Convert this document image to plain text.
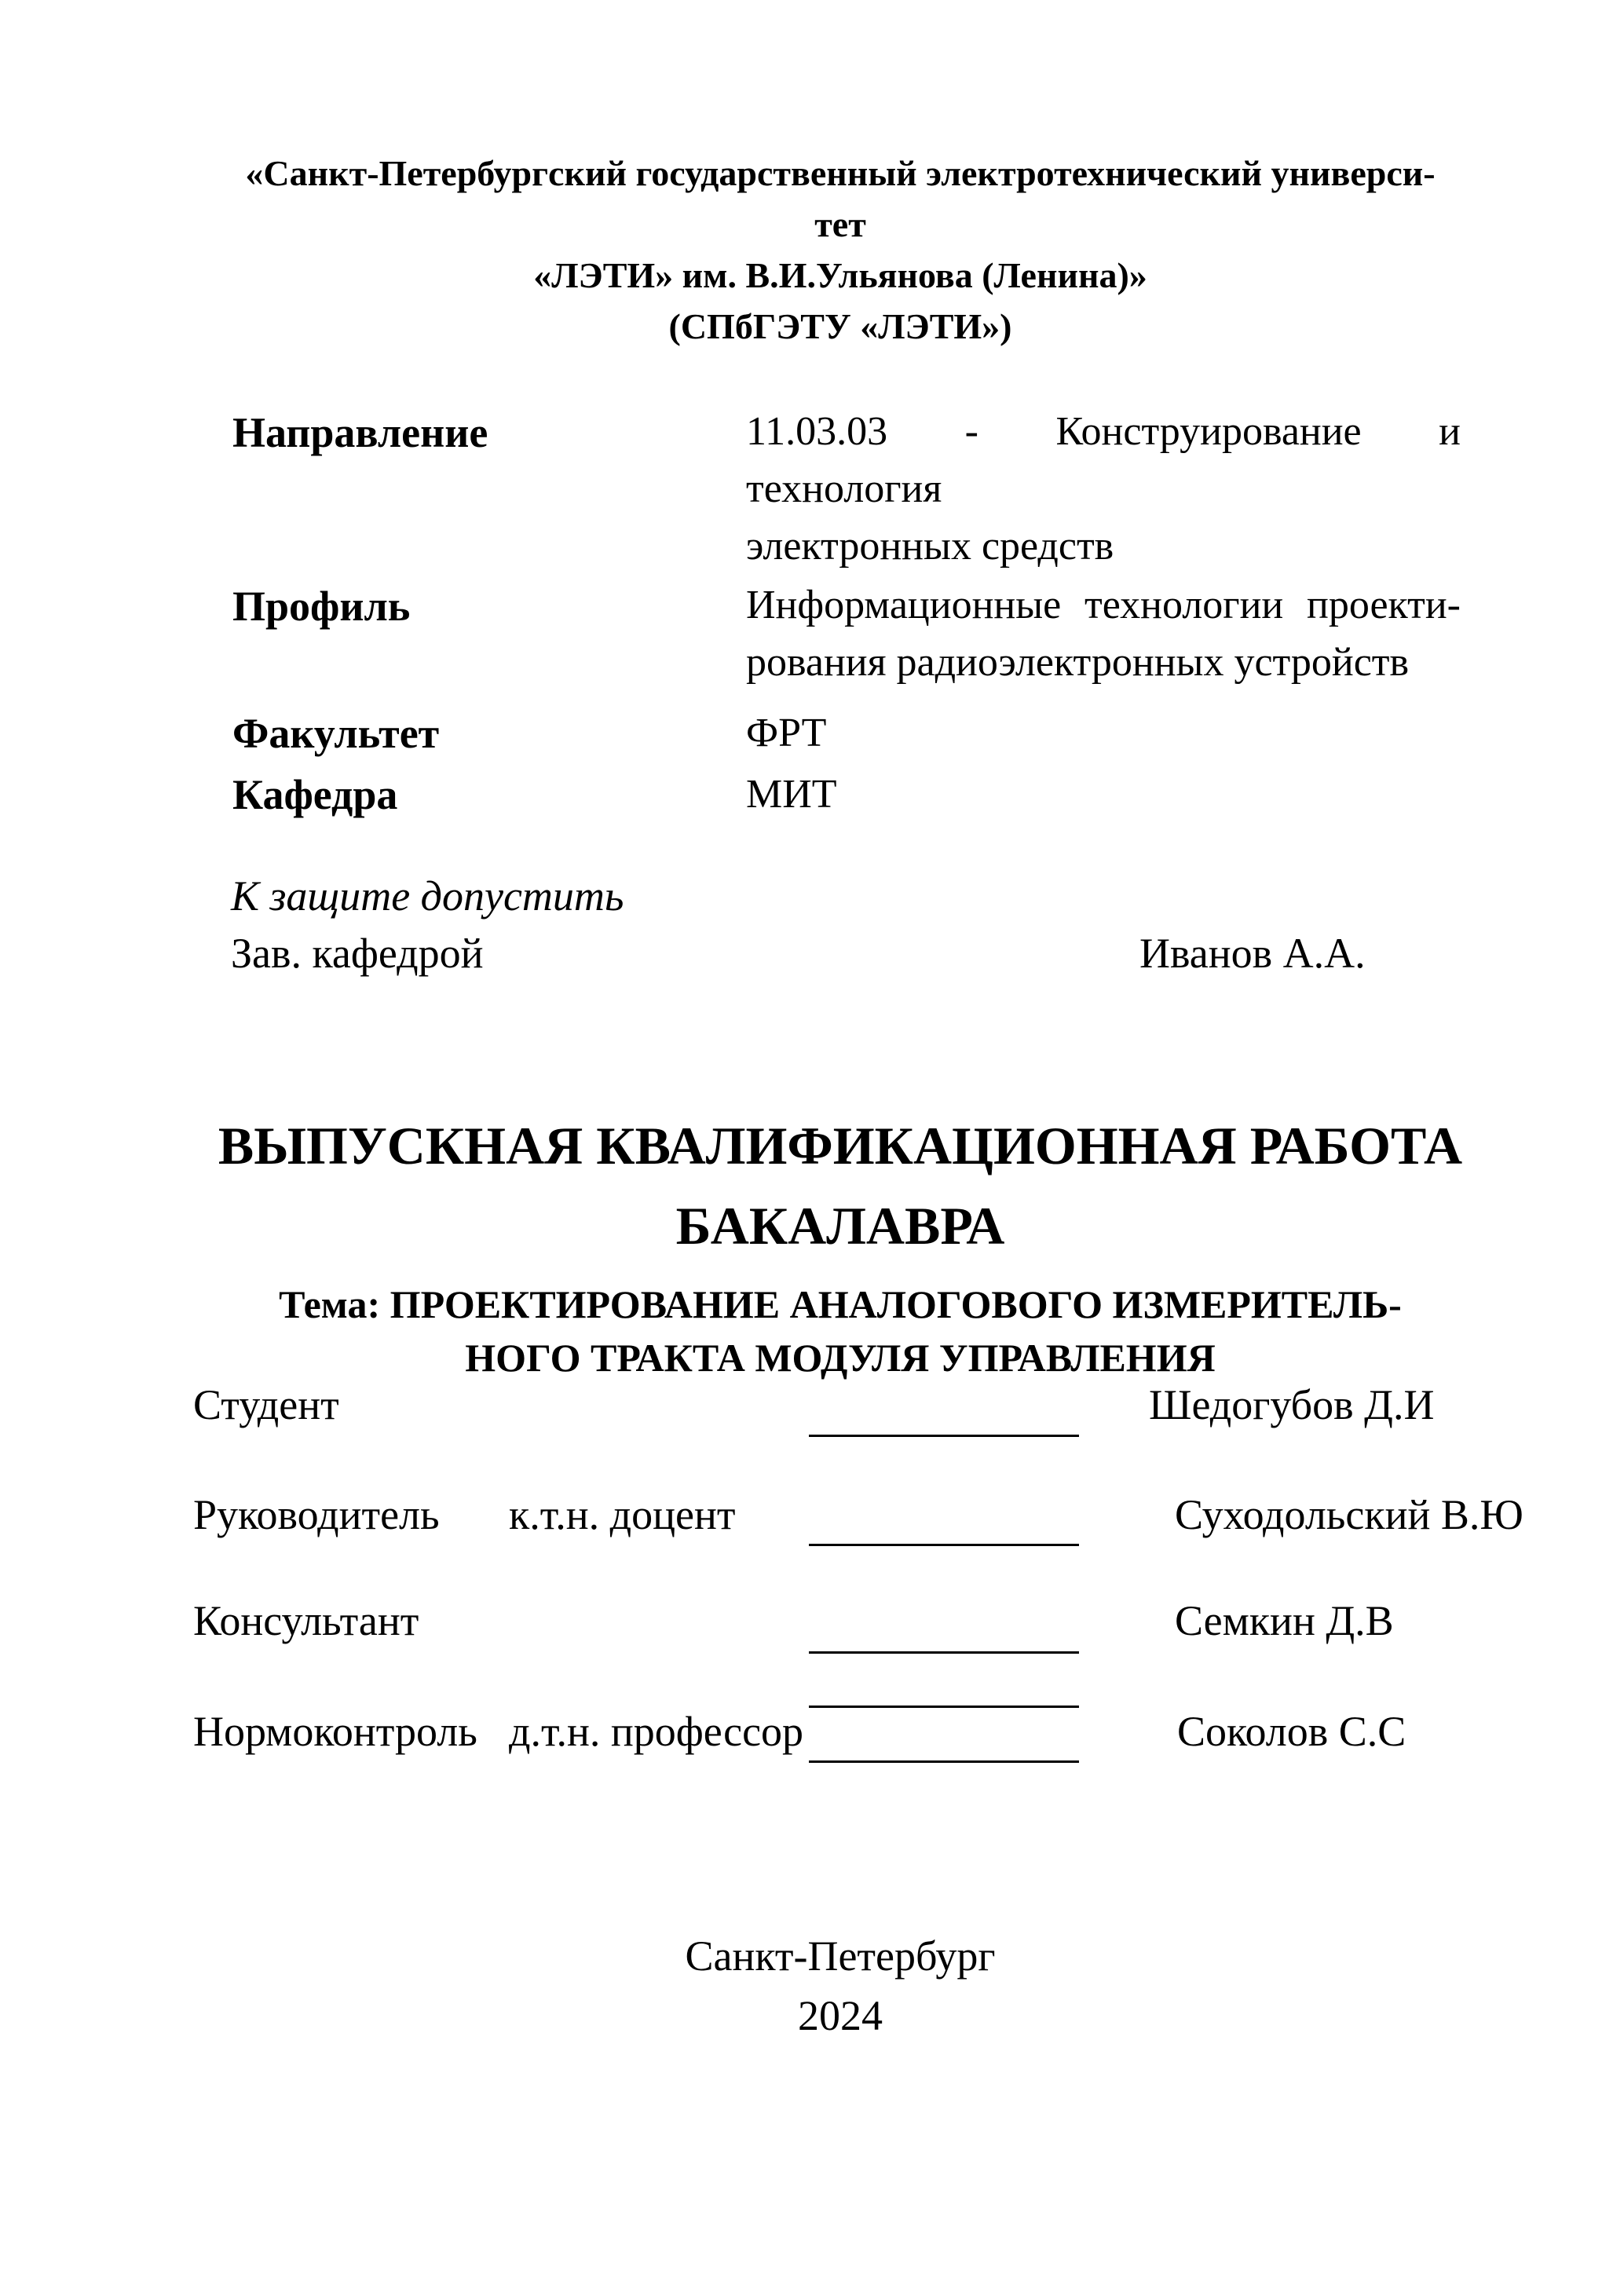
«Санкт-Петербургский государственный электротехнический универси-
тет
«ЛЭТИ» им. В.И.Ульянова (Ленина)»
(СПбГЭТУ «ЛЭТИ»)
Направление	11.03.03 - Конструирование и технология
электронных средств
Профиль	Информационные технологии проекти-
рования радиоэлектронных устройств
Факультет	ФРТ
Кафедра	МИТ
К защите допустить
Зав. кафедрой	Иванов А.А.
ВЫПУСКНАЯ КВАЛИФИКАЦИОННАЯ РАБОТА
БАКАЛАВРА
Тема: ПРОЕКТИРОВАНИЕ АНАЛОГОВОГО ИЗМЕРИТЕЛЬ-
НОГО ТРАКТА МОДУЛЯ УПРАВЛЕНИЯ
Студент	Шедогубов Д.И
Руководитель к.т.н. доцент	Суходольский В.Ю
Консультант	Семкин Д.В
Нормоконтроль д.т.н. профессор	Соколов С.С
Санкт-Петербург
2024
